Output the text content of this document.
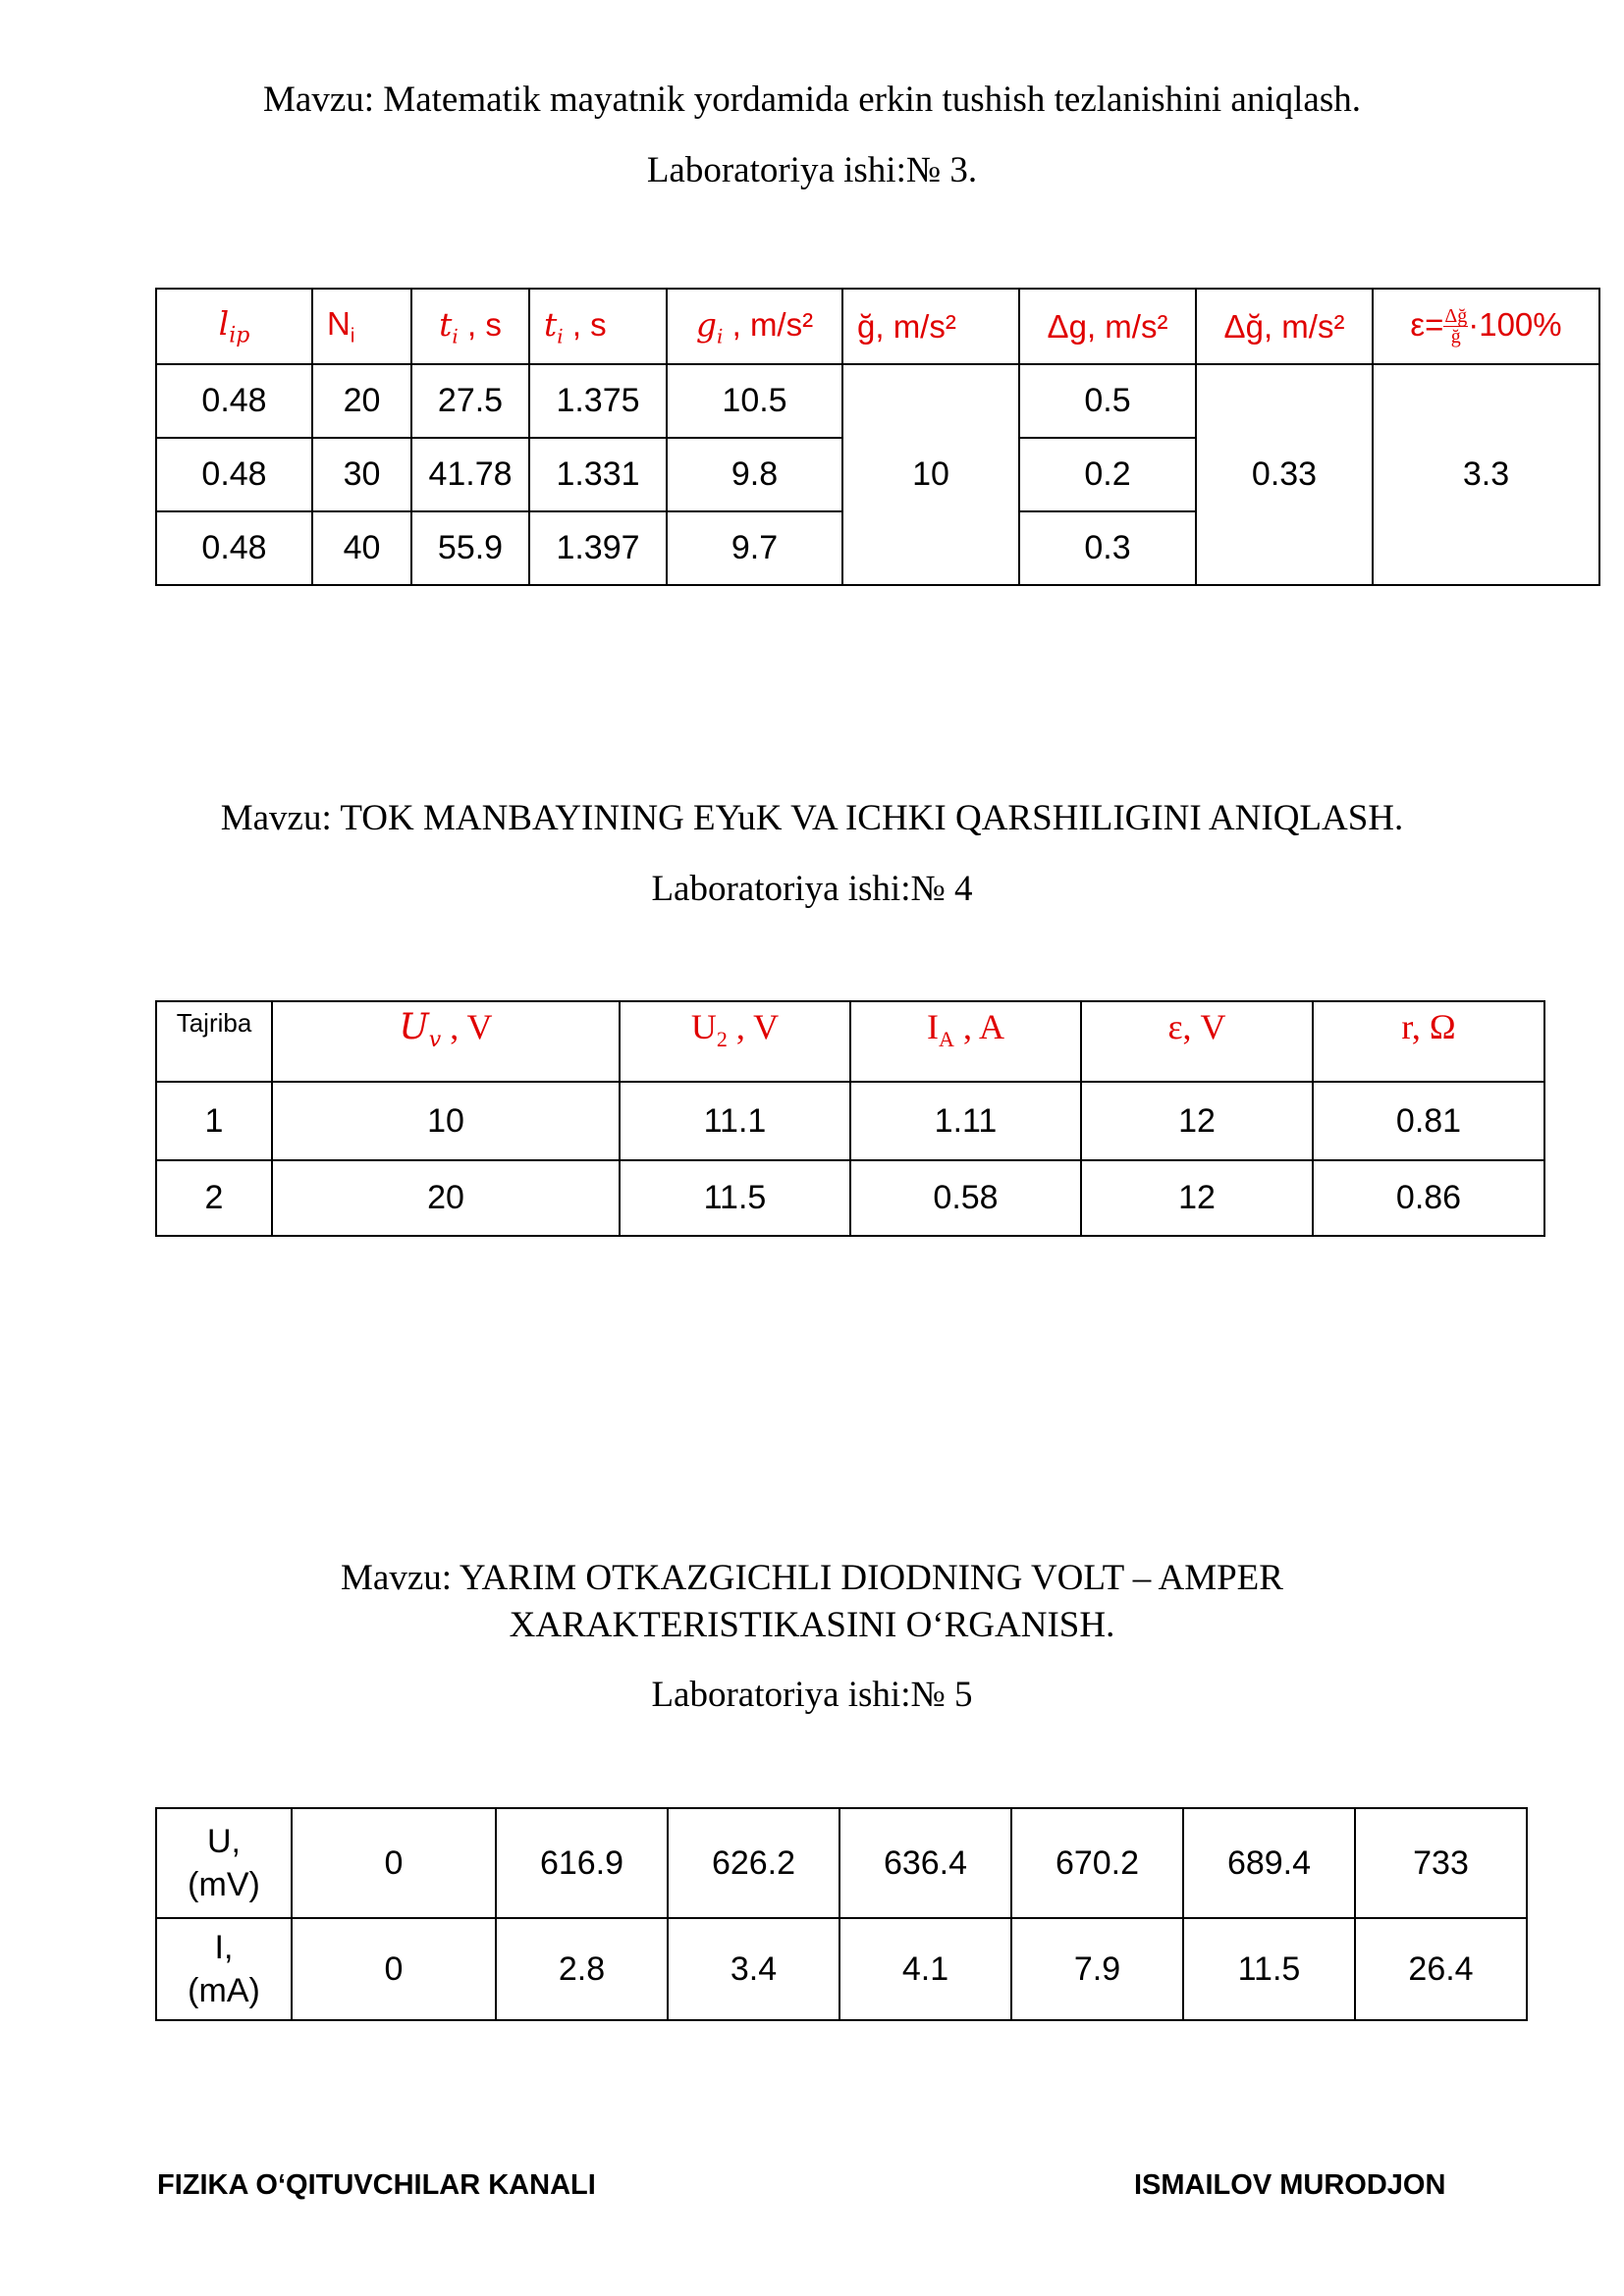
Mavzu: Matematik mayatnik yordamida erkin tushish tezlanishini aniqlash.
Laboratoriya ishi:№ 3.
$l_{ip}$	$N_i$	$t_i$ , s	$t_i$ , s	$g_i$ , m/s²	ğ, m/s²	Δg, m/s²	Δğ, m/s²	$\varepsilon= \frac{\Delta ğ}{ğ} \cdot 100\%$
0.48	20	27.5	1.375	10.5	10	0.5	0.33	3.3
0.48	30	41.78	1.331	9.8		0.2		
0.48	40	55.9	1.397	9.7		0.3		
Mavzu: TOK MANBAYINING EYuK VA ICHKI QARSHILIGINI ANIQLASH.
Laboratoriya ishi:№ 4
Tajriba	$U_v$ , V	$U_2$ , V	$I_A$ , A	ε, V	r, Ω
1	10	11.1	1.11	12	0.81
2	20	11.5	0.58	12	0.86
Mavzu: YARIM OTKAZGICHLI DIODNING VOLT – AMPER
XARAKTERISTIKASINI O‘RGANISH.
Laboratoriya ishi:№ 5
U,
(mV)	0	616.9	626.2	636.4	670.2	689.4	733

I,
(mA)	0	2.8	3.4	4.1	7.9	11.5	26.4
FIZIKA O‘QITUVCHILAR KANALI	ISMAILOV MURODJON
